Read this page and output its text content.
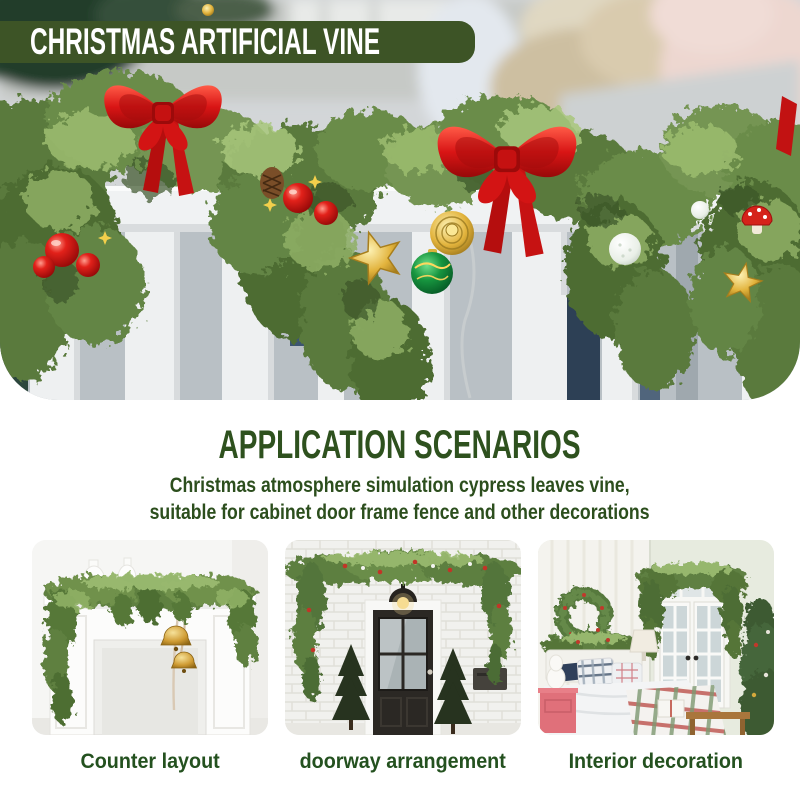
CHRISTMAS ARTIFICIAL VINE
APPLICATION SCENARIOS
Christmas atmosphere simulation cypress leaves vine,
suitable for cabinet door frame fence and other decorations
Counter layout	doorway arrangement	Interior decoration
